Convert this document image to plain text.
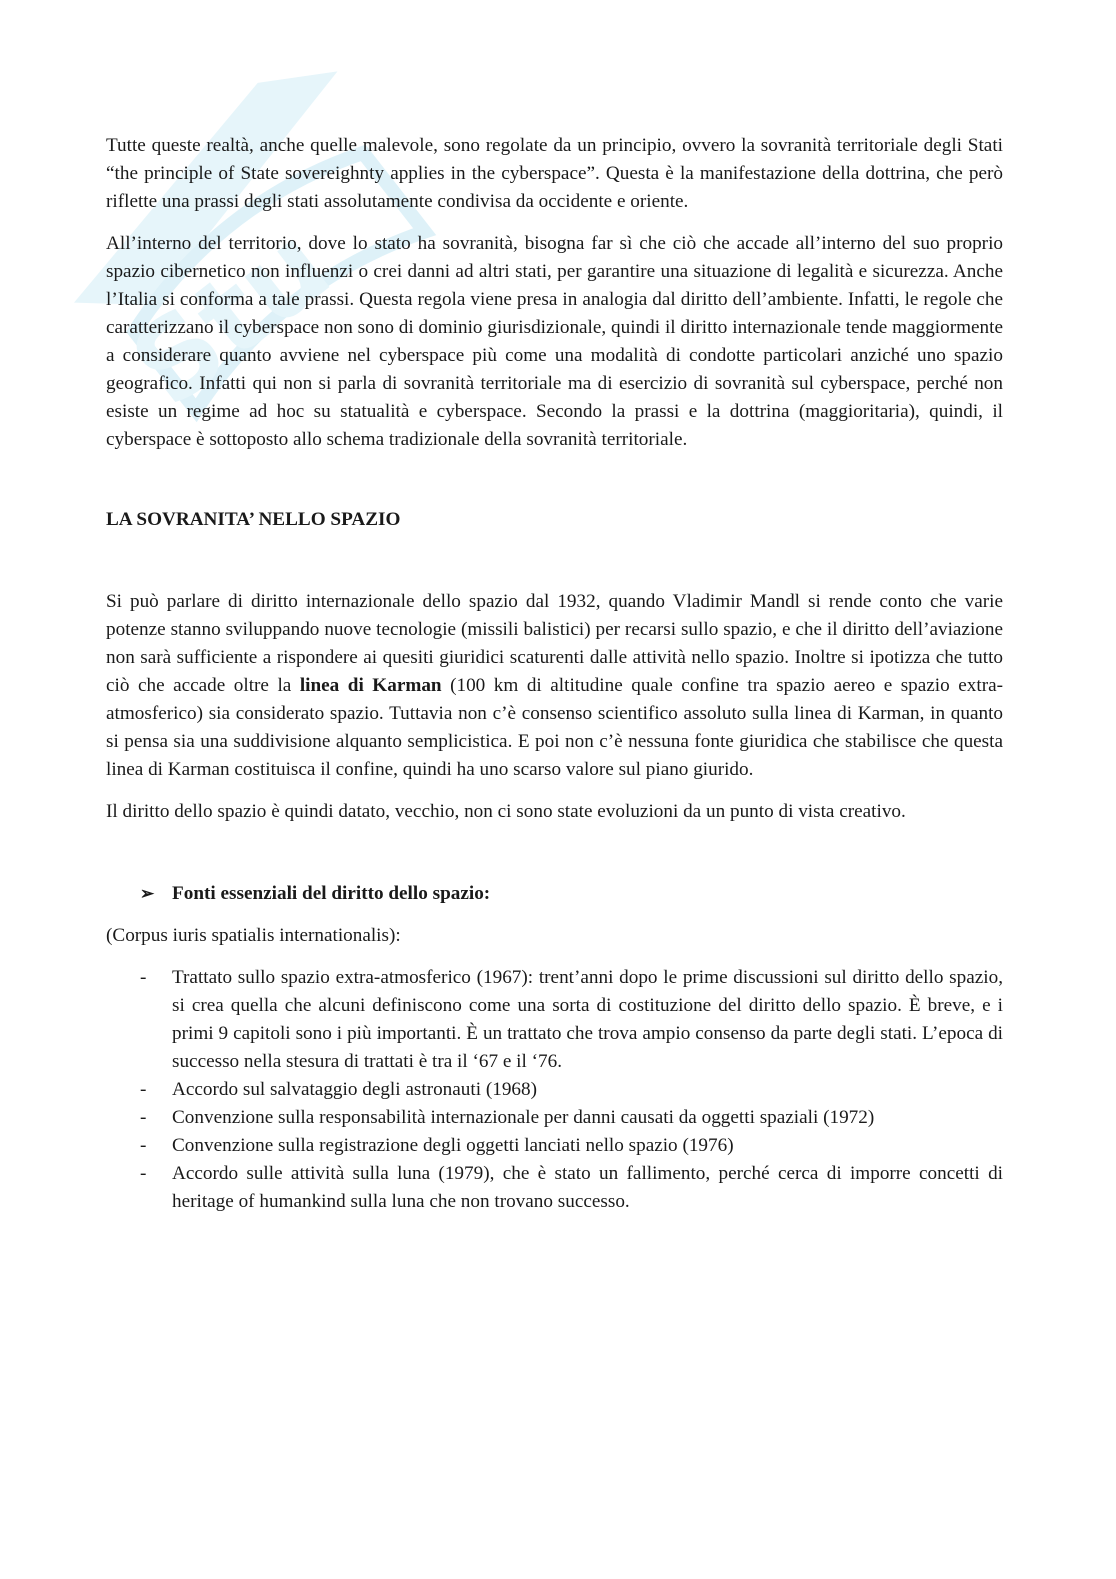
Stu

Tutte queste realtà, anche quelle malevole, sono regolate da un principio, ovvero la sovranità territoriale degli Stati “the principle of State sovereighnty applies in the cyberspace”. Questa è la manifestazione della dottrina, che però riflette una prassi degli stati assolutamente condivisa da occidente e oriente.

All’interno del territorio, dove lo stato ha sovranità, bisogna far sì che ciò che accade all’interno del suo proprio spazio cibernetico non influenzi o crei danni ad altri stati, per garantire una situazione di legalità e sicurezza. Anche l’Italia si conforma a tale prassi. Questa regola viene presa in analogia dal diritto dell’ambiente. Infatti, le regole che caratterizzano il cyberspace non sono di dominio giurisdizionale, quindi il diritto internazionale tende maggiormente a considerare quanto avviene nel cyberspace più come una modalità di condotte particolari anziché uno spazio geografico. Infatti qui non si parla di sovranità territoriale ma di esercizio di sovranità sul cyberspace, perché non esiste un regime ad hoc su statualità e cyberspace. Secondo la prassi e la dottrina (maggioritaria), quindi, il cyberspace è sottoposto allo schema tradizionale della sovranità territoriale.

LA SOVRANITA’ NELLO SPAZIO

Si può parlare di diritto internazionale dello spazio dal 1932, quando Vladimir Mandl si rende conto che varie potenze stanno sviluppando nuove tecnologie (missili balistici) per recarsi sullo spazio, e che il diritto dell’aviazione non sarà sufficiente a rispondere ai quesiti giuridici scaturenti dalle attività nello spazio. Inoltre si ipotizza che tutto ciò che accade oltre la linea di Karman (100 km di altitudine quale confine tra spazio aereo e spazio extra-atmosferico) sia considerato spazio. Tuttavia non c’è consenso scientifico assoluto sulla linea di Karman, in quanto si pensa sia una suddivisione alquanto semplicistica. E poi non c’è nessuna fonte giuridica che stabilisce che questa linea di Karman costituisca il confine, quindi ha uno scarso valore sul piano giurido.

Il diritto dello spazio è quindi datato, vecchio, non ci sono state evoluzioni da un punto di vista creativo.

➢ Fonti essenziali del diritto dello spazio:
(Corpus iuris spatialis internationalis):
- Trattato sullo spazio extra-atmosferico (1967): trent’anni dopo le prime discussioni sul diritto dello spazio, si crea quella che alcuni definiscono come una sorta di costituzione del diritto dello spazio. È breve, e i primi 9 capitoli sono i più importanti. È un trattato che trova ampio consenso da parte degli stati. L’epoca di successo nella stesura di trattati è tra il ‘67 e il ‘76.
- Accordo sul salvataggio degli astronauti (1968)
- Convenzione sulla responsabilità internazionale per danni causati da oggetti spaziali (1972)
- Convenzione sulla registrazione degli oggetti lanciati nello spazio (1976)
- Accordo sulle attività sulla luna (1979), che è stato un fallimento, perché cerca di imporre concetti di heritage of humankind sulla luna che non trovano successo.
